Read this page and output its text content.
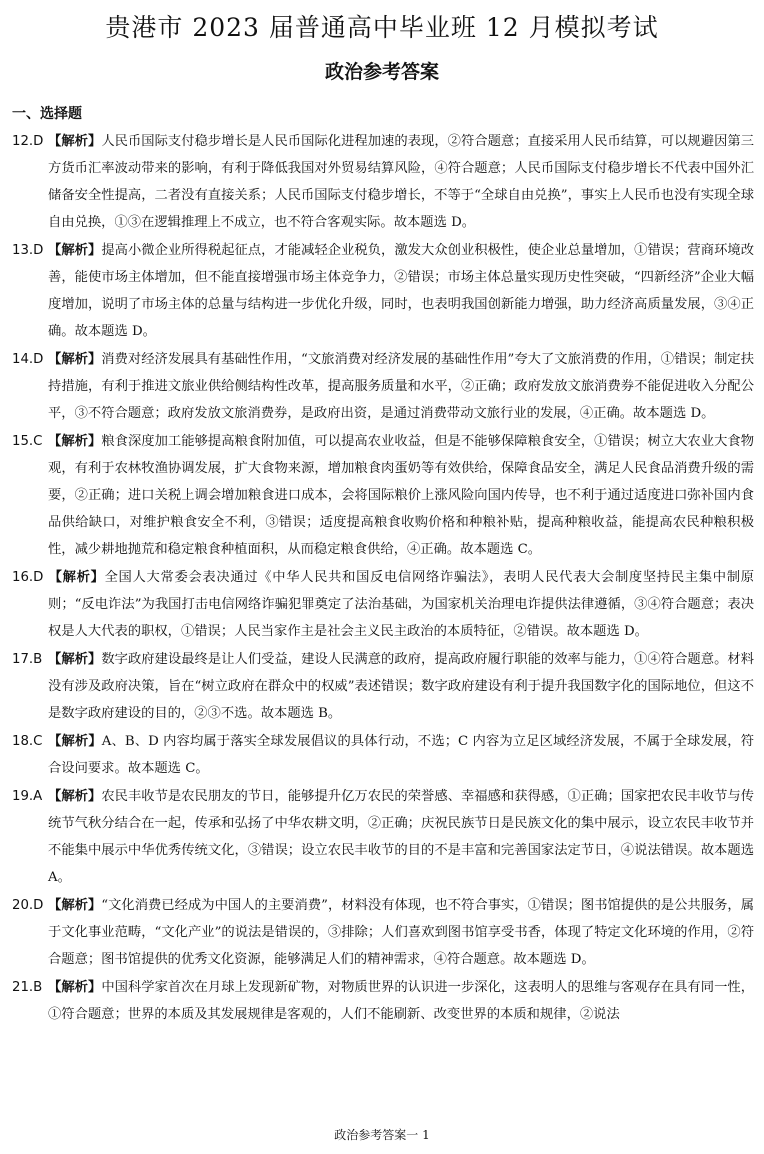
贵港市 2023 届普通高中毕业班 12 月模拟考试
政治参考答案
一、选择题

12.D 【解析】人民币国际支付稳步增长是人民币国际化进程加速的表现，②符合题意；直接采用人民币结算，可以规避因第三方货币汇率波动带来的影响，有利于降低我国对外贸易结算风险，④符合题意；人民币国际支付稳步增长不代表中国外汇储备安全性提高，二者没有直接关系；人民币国际支付稳步增长，不等于“全球自由兑换”，事实上人民币也没有实现全球自由兑换，①③在逻辑推理上不成立，也不符合客观实际。故本题选 D。

13.D 【解析】提高小微企业所得税起征点，才能减轻企业税负，激发大众创业积极性，使企业总量增加，①错误；营商环境改善，能使市场主体增加，但不能直接增强市场主体竞争力，②错误；市场主体总量实现历史性突破，“四新经济”企业大幅度增加，说明了市场主体的总量与结构进一步优化升级，同时，也表明我国创新能力增强，助力经济高质量发展，③④正确。故本题选 D。

14.D 【解析】消费对经济发展具有基础性作用，“文旅消费对经济发展的基础性作用”夸大了文旅消费的作用，①错误；制定扶持措施，有利于推进文旅业供给侧结构性改革，提高服务质量和水平，②正确；政府发放文旅消费券不能促进收入分配公平，③不符合题意；政府发放文旅消费券，是政府出资，是通过消费带动文旅行业的发展，④正确。故本题选 D。

15.C 【解析】粮食深度加工能够提高粮食附加值，可以提高农业收益，但是不能够保障粮食安全，①错误；树立大农业大食物观，有利于农林牧渔协调发展，扩大食物来源，增加粮食肉蛋奶等有效供给，保障食品安全，满足人民食品消费升级的需要，②正确；进口关税上调会增加粮食进口成本，会将国际粮价上涨风险向国内传导，也不利于通过适度进口弥补国内食品供给缺口，对维护粮食安全不利，③错误；适度提高粮食收购价格和种粮补贴，提高种粮收益，能提高农民种粮积极性，减少耕地抛荒和稳定粮食种植面积，从而稳定粮食供给，④正确。故本题选 C。

16.D 【解析】全国人大常委会表决通过《中华人民共和国反电信网络诈骗法》，表明人民代表大会制度坚持民主集中制原则；“反电诈法”为我国打击电信网络诈骗犯罪奠定了法治基础，为国家机关治理电诈提供法律遵循，③④符合题意；表决权是人大代表的职权，①错误；人民当家作主是社会主义民主政治的本质特征，②错误。故本题选 D。

17.B 【解析】数字政府建设最终是让人们受益，建设人民满意的政府，提高政府履行职能的效率与能力，①④符合题意。材料没有涉及政府决策，旨在“树立政府在群众中的权威”表述错误；数字政府建设有利于提升我国数字化的国际地位，但这不是数字政府建设的目的，②③不选。故本题选 B。

18.C 【解析】A、B、D 内容均属于落实全球发展倡议的具体行动，不选；C 内容为立足区域经济发展，不属于全球发展，符合设问要求。故本题选 C。

19.A 【解析】农民丰收节是农民朋友的节日，能够提升亿万农民的荣誉感、幸福感和获得感，①正确；国家把农民丰收节与传统节气秋分结合在一起，传承和弘扬了中华农耕文明，②正确；庆祝民族节日是民族文化的集中展示，设立农民丰收节并不能集中展示中华优秀传统文化，③错误；设立农民丰收节的目的不是丰富和完善国家法定节日，④说法错误。故本题选 A。

20.D 【解析】“文化消费已经成为中国人的主要消费”，材料没有体现，也不符合事实，①错误；图书馆提供的是公共服务，属于文化事业范畴，“文化产业”的说法是错误的，③排除；人们喜欢到图书馆享受书香，体现了特定文化环境的作用，②符合题意；图书馆提供的优秀文化资源，能够满足人们的精神需求，④符合题意。故本题选 D。

21.B 【解析】中国科学家首次在月球上发现新矿物，对物质世界的认识进一步深化，这表明人的思维与客观存在具有同一性，①符合题意；世界的本质及其发展规律是客观的，人们不能刷新、改变世界的本质和规律，②说法

政治参考答案一 1
